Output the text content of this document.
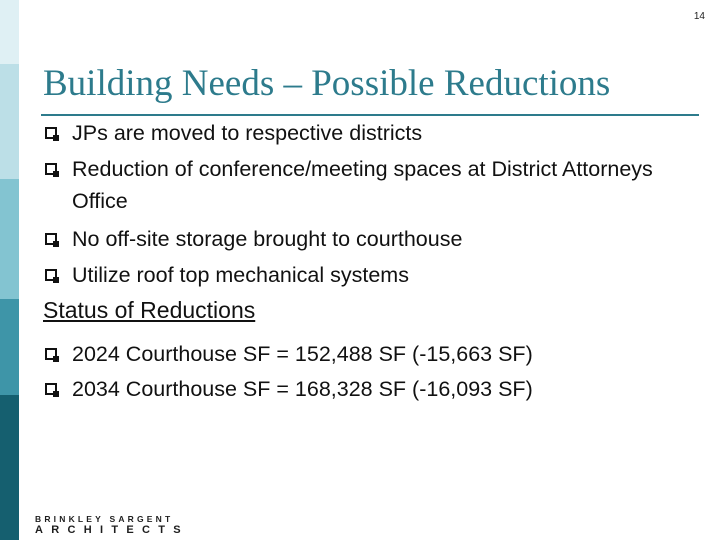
14
Building Needs – Possible Reductions
JPs are moved to respective districts
Reduction of conference/meeting spaces at District Attorneys Office
No off-site storage brought to courthouse
Utilize roof top mechanical systems
Status of Reductions
2024 Courthouse SF = 152,488 SF (-15,663 SF)
2034 Courthouse SF = 168,328 SF (-16,093 SF)
BRINKLEY SARGENT
ARCHITECTS
